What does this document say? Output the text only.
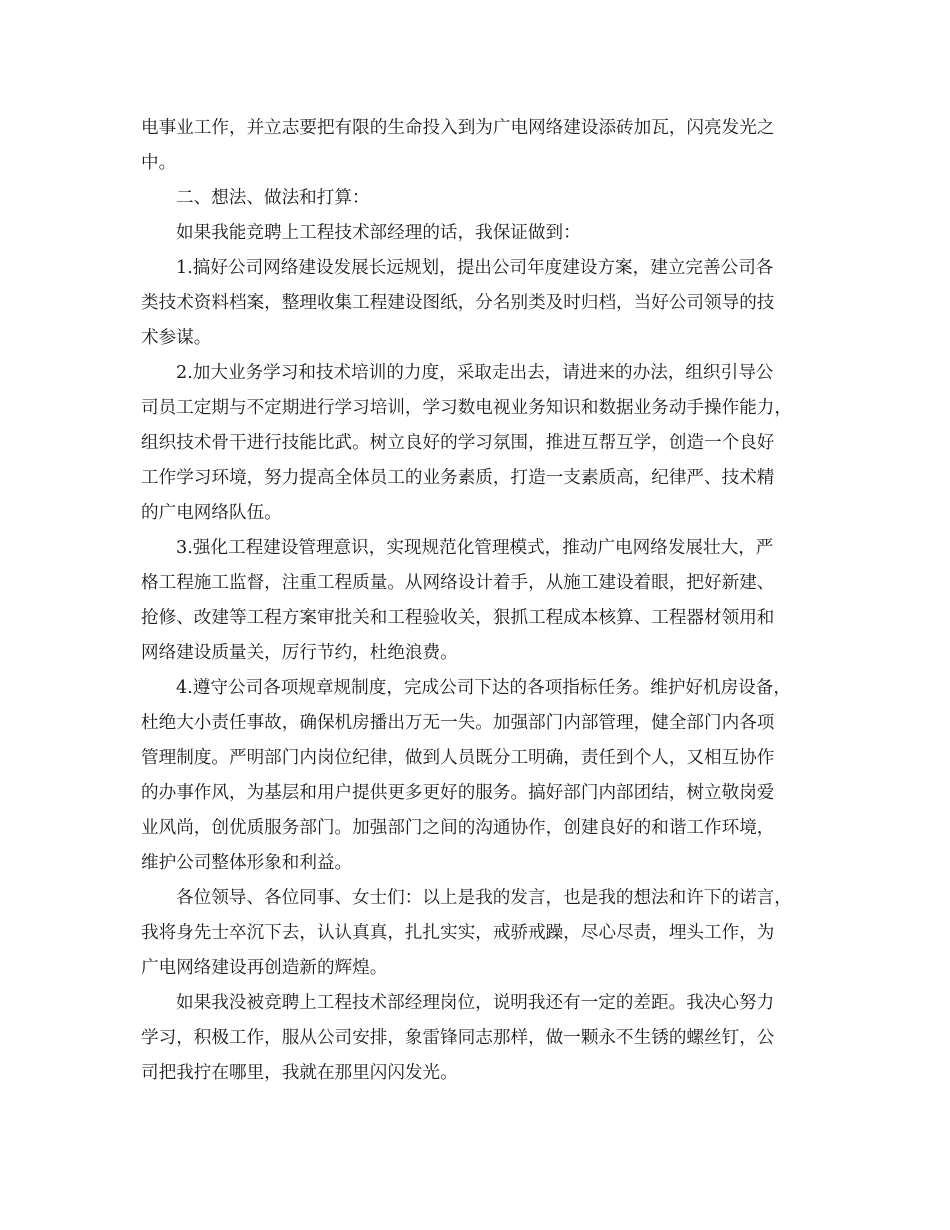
电事业工作，并立志要把有限的生命投入到为广电网络建设添砖加瓦，闪亮发光之
中。
二、想法、做法和打算：
如果我能竞聘上工程技术部经理的话，我保证做到：
1.搞好公司网络建设发展长远规划，提出公司年度建设方案，建立完善公司各
类技术资料档案，整理收集工程建设图纸，分名别类及时归档，当好公司领导的技
术参谋。
2.加大业务学习和技术培训的力度，采取走出去，请进来的办法，组织引导公
司员工定期与不定期进行学习培训，学习数电视业务知识和数据业务动手操作能力，
组织技术骨干进行技能比武。树立良好的学习氛围，推进互帮互学，创造一个良好
工作学习环境，努力提高全体员工的业务素质，打造一支素质高，纪律严、技术精
的广电网络队伍。
3.强化工程建设管理意识，实现规范化管理模式，推动广电网络发展壮大，严
格工程施工监督，注重工程质量。从网络设计着手，从施工建设着眼，把好新建、
抢修、改建等工程方案审批关和工程验收关，狠抓工程成本核算、工程器材领用和
网络建设质量关，厉行节约，杜绝浪费。
4.遵守公司各项规章规制度，完成公司下达的各项指标任务。维护好机房设备，
杜绝大小责任事故，确保机房播出万无一失。加强部门内部管理，健全部门内各项
管理制度。严明部门内岗位纪律，做到人员既分工明确，责任到个人，又相互协作
的办事作风，为基层和用户提供更多更好的服务。搞好部门内部团结，树立敬岗爱
业风尚，创优质服务部门。加强部门之间的沟通协作，创建良好的和谐工作环境，
维护公司整体形象和利益。
各位领导、各位同事、女士们：以上是我的发言，也是我的想法和许下的诺言，
我将身先士卒沉下去，认认真真，扎扎实实，戒骄戒躁，尽心尽责，埋头工作，为
广电网络建设再创造新的辉煌。
如果我没被竞聘上工程技术部经理岗位，说明我还有一定的差距。我决心努力
学习，积极工作，服从公司安排，象雷锋同志那样，做一颗永不生锈的螺丝钉，公
司把我拧在哪里，我就在那里闪闪发光。
